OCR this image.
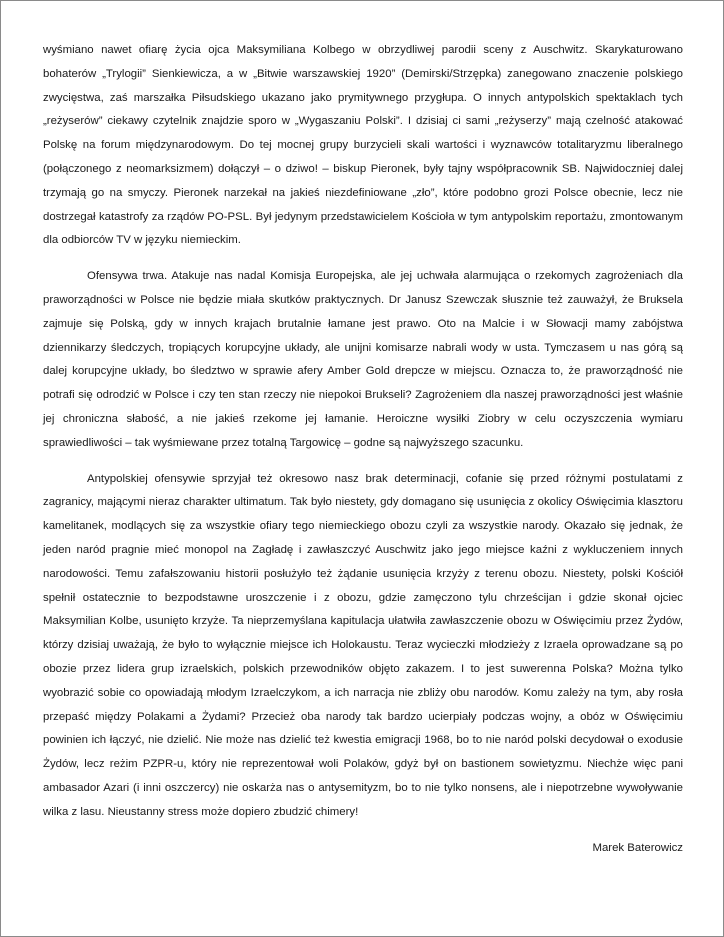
wyśmiano nawet ofiarę życia ojca Maksymiliana Kolbego w obrzydliwej parodii sceny z Auschwitz. Skarykaturowano bohaterów „Trylogii” Sienkiewicza, a w „Bitwie warszawskiej 1920” (Demirski/Strzępka) zanegowano znaczenie polskiego zwycięstwa, zaś marszałka Piłsudskiego ukazano jako prymitywnego przygłupa. O innych antypolskich spektaklach tych „reżyserów” ciekawy czytelnik znajdzie sporo w „Wygaszaniu Polski”. I dzisiaj ci sami „reżyserzy” mają czelność atakować Polskę na forum międzynarodowym. Do tej mocnej grupy burzycieli skali wartości i wyznawców totalitaryzmu liberalnego (połączonego z neomarksizmem) dołączył – o dziwo! – biskup Pieronek, były tajny współpracownik SB. Najwidoczniej dalej trzymają go na smyczy. Pieronek narzekał na jakieś niezdefiniowane „zło”, które podobno grozi Polsce obecnie, lecz nie dostrzegał katastrofy za rządów PO-PSL. Był jedynym przedstawicielem Kościoła w tym antypolskim reportażu, zmontowanym dla odbiorców TV w języku niemieckim.

Ofensywa trwa. Atakuje nas nadal Komisja Europejska, ale jej uchwała alarmująca o rzekomych zagrożeniach dla praworządności w Polsce nie będzie miała skutków praktycznych. Dr Janusz Szewczak słusznie też zauważył, że Bruksela zajmuje się Polską, gdy w innych krajach brutalnie łamane jest prawo. Oto na Malcie i w Słowacji mamy zabójstwa dziennikarzy śledczych, tropiących korupcyjne układy, ale unijni komisarze nabrali wody w usta. Tymczasem u nas górą są dalej korupcyjne układy, bo śledztwo w sprawie afery Amber Gold drepcze w miejscu. Oznacza to, że praworządność nie potrafi się odrodzić w Polsce i czy ten stan rzeczy nie niepokoi Brukseli? Zagrożeniem dla naszej praworządności jest właśnie jej chroniczna słabość, a nie jakieś rzekome jej łamanie. Heroiczne wysiłki Ziobry w celu oczyszczenia wymiaru sprawiedliwości – tak wyśmiewane przez totalną Targowicę – godne są najwyższego szacunku.

Antypolskiej ofensywie sprzyjał też okresowo nasz brak determinacji, cofanie się przed różnymi postulatami z zagranicy, mającymi nieraz charakter ultimatum. Tak było niestety, gdy domagano się usunięcia z okolicy Oświęcimia klasztoru kamelitanek, modlących się za wszystkie ofiary tego niemieckiego obozu czyli za wszystkie narody. Okazało się jednak, że jeden naród pragnie mieć monopol na Zagładę i zawłaszczyć Auschwitz jako jego miejsce kaźni z wykluczeniem innych narodowości. Temu zafałszowaniu historii posłużyło też żądanie usunięcia krzyży z terenu obozu. Niestety, polski Kościół spełnił ostatecznie to bezpodstawne uroszczenie i z obozu, gdzie zamęczono tylu chrześcijan i gdzie skonał ojciec Maksymilian Kolbe, usunięto krzyże. Ta nieprzemyślana kapitulacja ułatwiła zawłaszczenie obozu w Oświęcimiu przez Żydów, którzy dzisiaj uważają, że było to wyłącznie miejsce ich Holokaustu. Teraz wycieczki młodzieży z Izraela oprowadzane są po obozie przez lidera grup izraelskich, polskich przewodników objęto zakazem. I to jest suwerenna Polska? Można tylko wyobrazić sobie co opowiadają młodym Izraelczykom, a ich narracja nie zbliży obu narodów. Komu zależy na tym, aby rosła przepaść między Polakami a Żydami? Przecież oba narody tak bardzo ucierpiały podczas wojny, a obóz w Oświęcimiu powinien ich łączyć, nie dzielić. Nie może nas dzielić też kwestia emigracji 1968, bo to nie naród polski decydował o exodusie Żydów, lecz reżim PZPR-u, który nie reprezentował woli Polaków, gdyż był on bastionem sowietyzmu. Niechże więc pani ambasador Azari (i inni oszczercy) nie oskarża nas o antysemityzm, bo to nie tylko nonsens, ale i niepotrzebne wywoływanie wilka z lasu. Nieustanny stress może dopiero zbudzić chimery!

Marek Baterowicz
